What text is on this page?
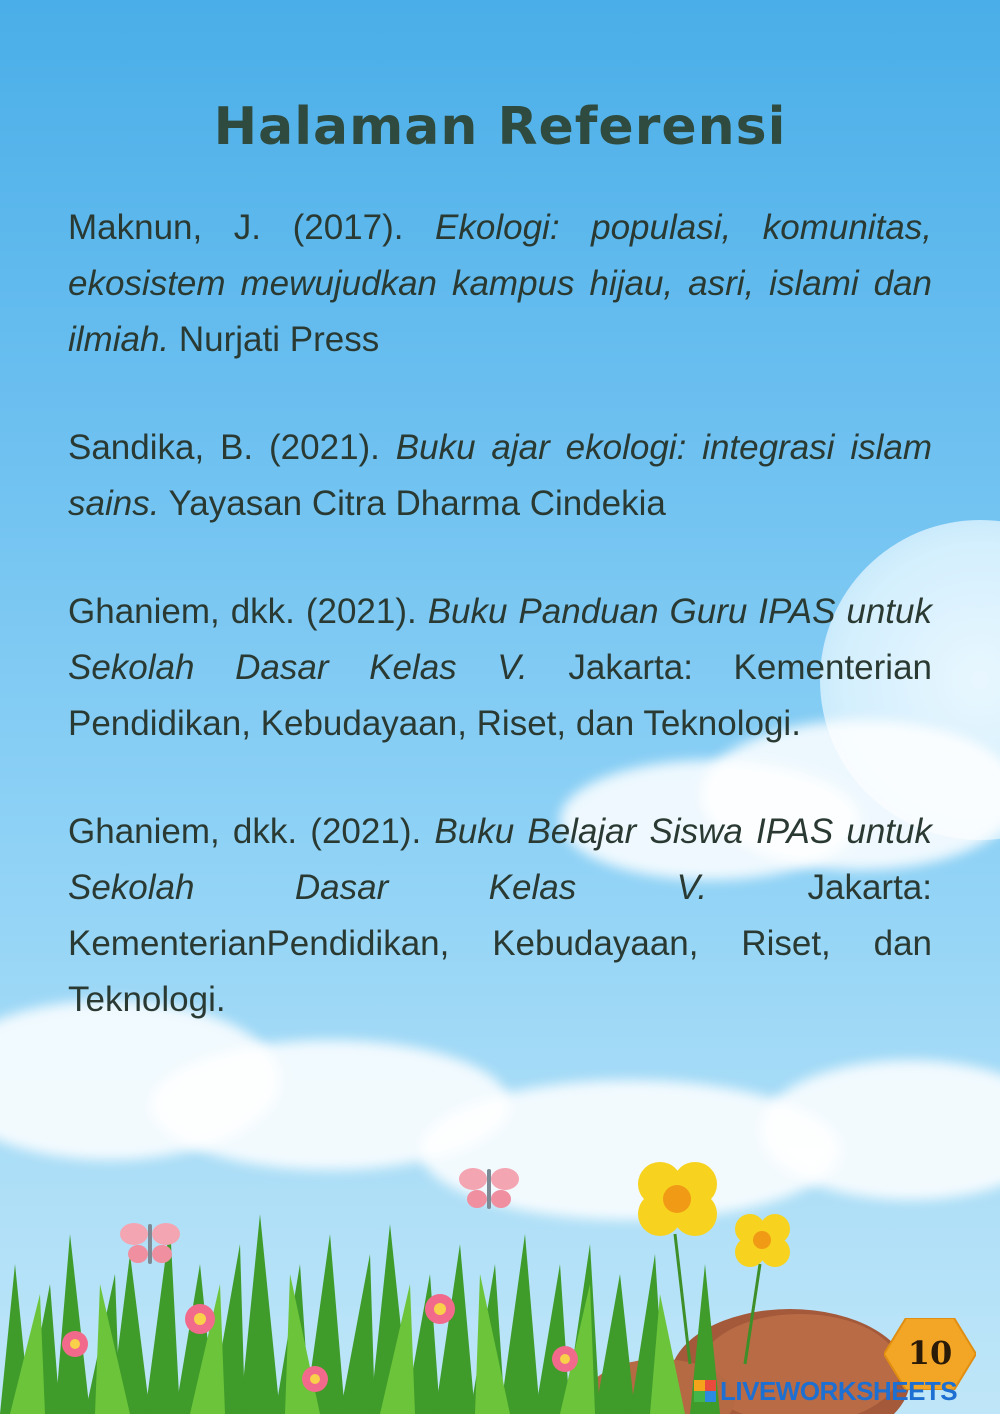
Halaman Referensi

Maknun, J. (2017). Ekologi: populasi, komunitas, ekosistem mewujudkan kampus hijau, asri, islami dan ilmiah. Nurjati Press

Sandika, B. (2021). Buku ajar ekologi: integrasi islam sains. Yayasan Citra Dharma Cindekia

Ghaniem, dkk. (2021). Buku Panduan Guru IPAS untuk Sekolah Dasar Kelas V. Jakarta: Kementerian Pendidikan, Kebudayaan, Riset, dan Teknologi.

Ghaniem, dkk. (2021). Buku Belajar Siswa IPAS untuk Sekolah Dasar Kelas V. Jakarta: KementerianPendidikan, Kebudayaan, Riset, dan Teknologi.

10
LIVEWORKSHEETS
